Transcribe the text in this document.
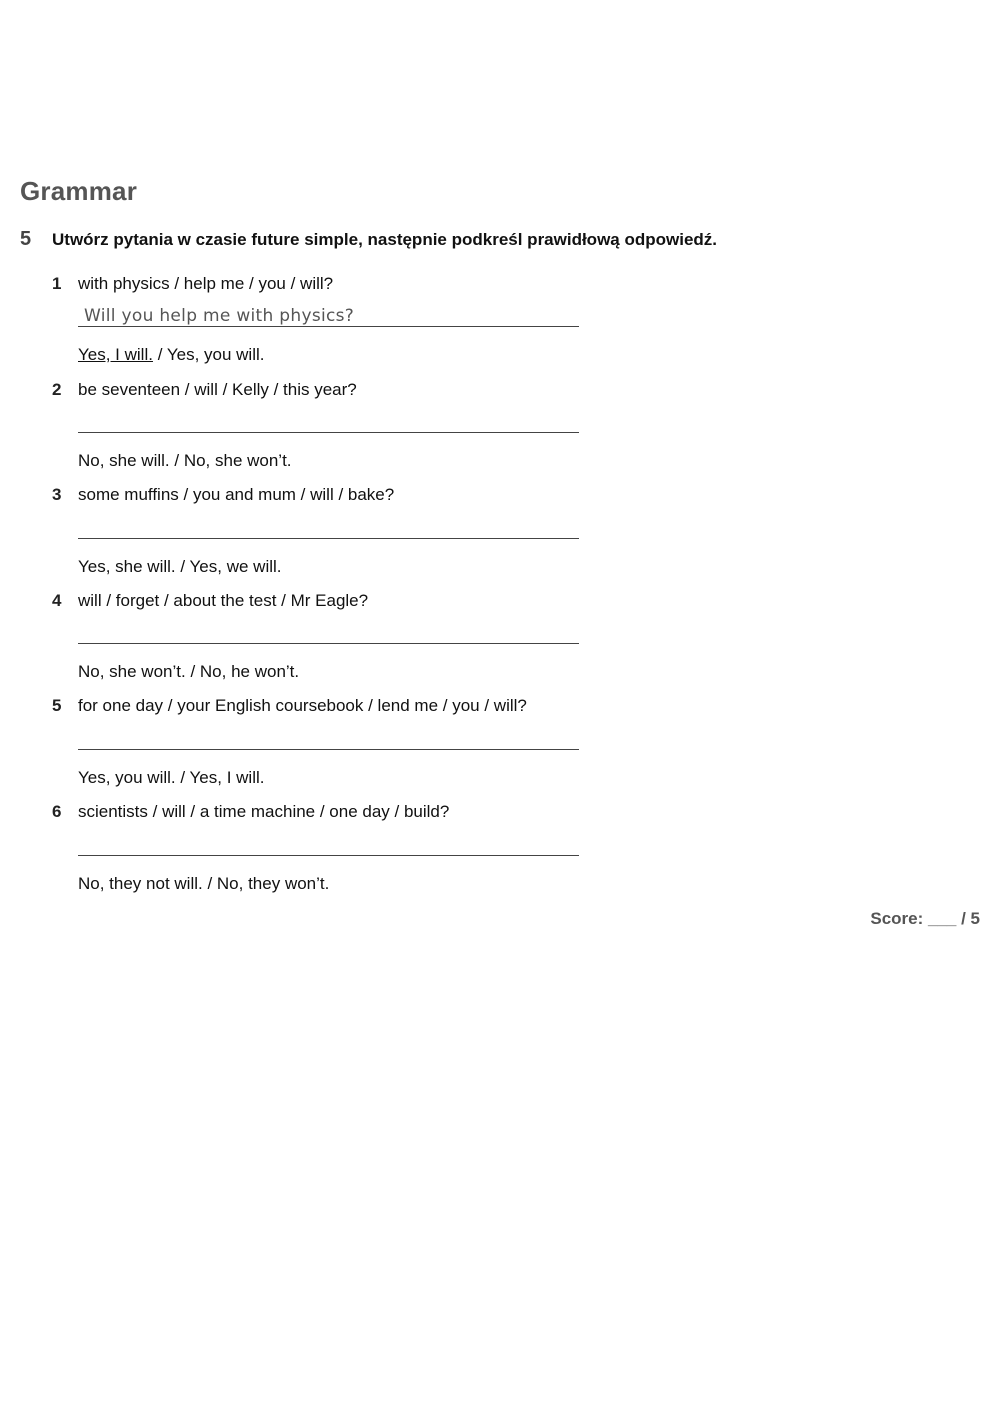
Grammar
5 Utwórz pytania w czasie future simple, następnie podkreśl prawidłową odpowiedź.
1 with physics / help me / you / will?
Will you help me with physics?
Yes, I will. / Yes, you will.
2 be seventeen / will / Kelly / this year?
No, she will. / No, she won’t.
3 some muffins / you and mum / will / bake?
Yes, she will. / Yes, we will.
4 will / forget / about the test / Mr Eagle?
No, she won’t. / No, he won’t.
5 for one day / your English coursebook / lend me / you / will?
Yes, you will. / Yes, I will.
6 scientists / will / a time machine / one day / build?
No, they not will. / No, they won’t.
Score: ___ / 5
